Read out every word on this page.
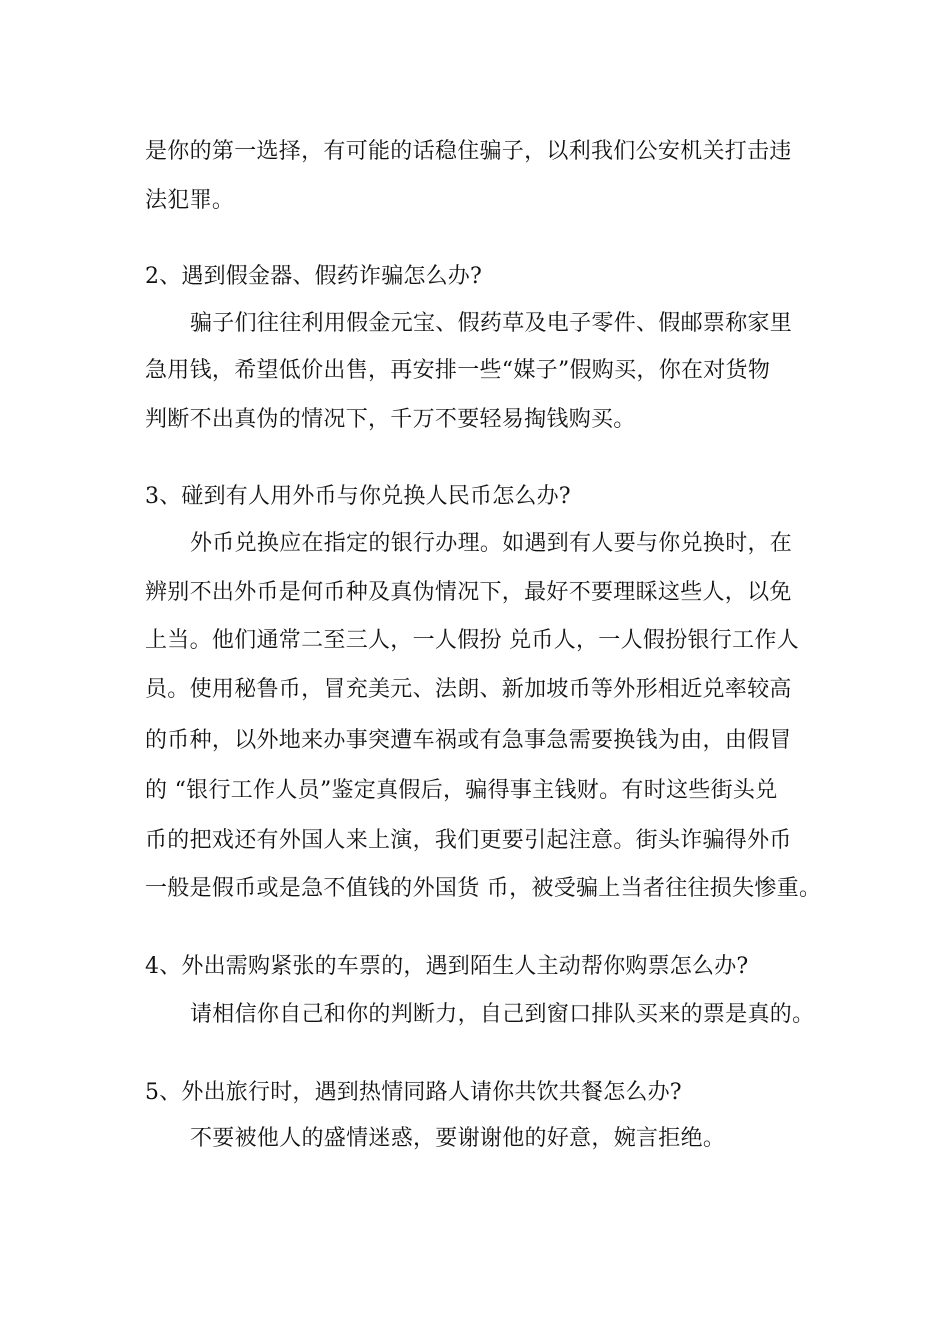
是你的第一选择，有可能的话稳住骗子，以利我们公安机关打击违
法犯罪。
2、遇到假金器、假药诈骗怎么办?
骗子们往往利用假金元宝、假药草及电子零件、假邮票称家里
急用钱，希望低价出售，再安排一些“媒子”假购买，你在对货物
判断不出真伪的情况下，千万不要轻易掏钱购买。
3、碰到有人用外币与你兑换人民币怎么办?
外币兑换应在指定的银行办理。如遇到有人要与你兑换时，在
辨别不出外币是何币种及真伪情况下，最好不要理睬这些人，以免
上当。他们通常二至三人，一人假扮 兑币人，一人假扮银行工作人
员。使用秘鲁币，冒充美元、法朗、新加坡币等外形相近兑率较高
的币种，以外地来办事突遭车祸或有急事急需要换钱为由，由假冒
的 “银行工作人员”鉴定真假后，骗得事主钱财。有时这些街头兑
币的把戏还有外国人来上演，我们更要引起注意。街头诈骗得外币
一般是假币或是急不值钱的外国货 币，被受骗上当者往往损失惨重。
4、外出需购紧张的车票的，遇到陌生人主动帮你购票怎么办?
请相信你自己和你的判断力，自己到窗口排队买来的票是真的。
5、外出旅行时，遇到热情同路人请你共饮共餐怎么办?
不要被他人的盛情迷惑，要谢谢他的好意，婉言拒绝。
